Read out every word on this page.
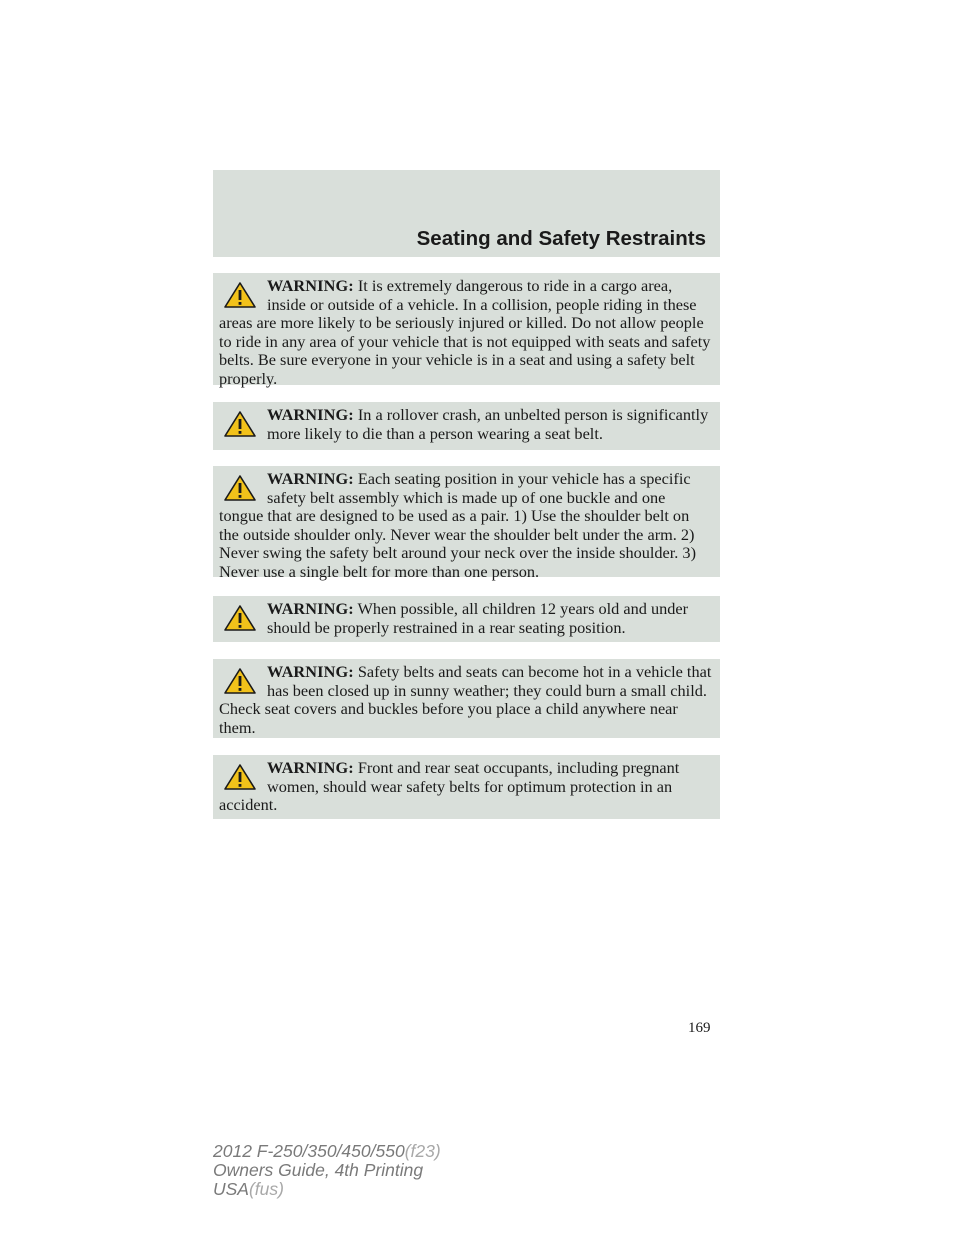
Seating and Safety Restraints

WARNING: It is extremely dangerous to ride in a cargo area, inside or outside of a vehicle. In a collision, people riding in these areas are more likely to be seriously injured or killed. Do not allow people to ride in any area of your vehicle that is not equipped with seats and safety belts. Be sure everyone in your vehicle is in a seat and using a safety belt properly.

WARNING: In a rollover crash, an unbelted person is significantly more likely to die than a person wearing a seat belt.

WARNING: Each seating position in your vehicle has a specific safety belt assembly which is made up of one buckle and one tongue that are designed to be used as a pair. 1) Use the shoulder belt on the outside shoulder only. Never wear the shoulder belt under the arm. 2) Never swing the safety belt around your neck over the inside shoulder. 3) Never use a single belt for more than one person.

WARNING: When possible, all children 12 years old and under should be properly restrained in a rear seating position.

WARNING: Safety belts and seats can become hot in a vehicle that has been closed up in sunny weather; they could burn a small child. Check seat covers and buckles before you place a child anywhere near them.

WARNING: Front and rear seat occupants, including pregnant women, should wear safety belts for optimum protection in an accident.

169
2012 F-250/350/450/550(f23)
Owners Guide, 4th Printing
USA(fus)
